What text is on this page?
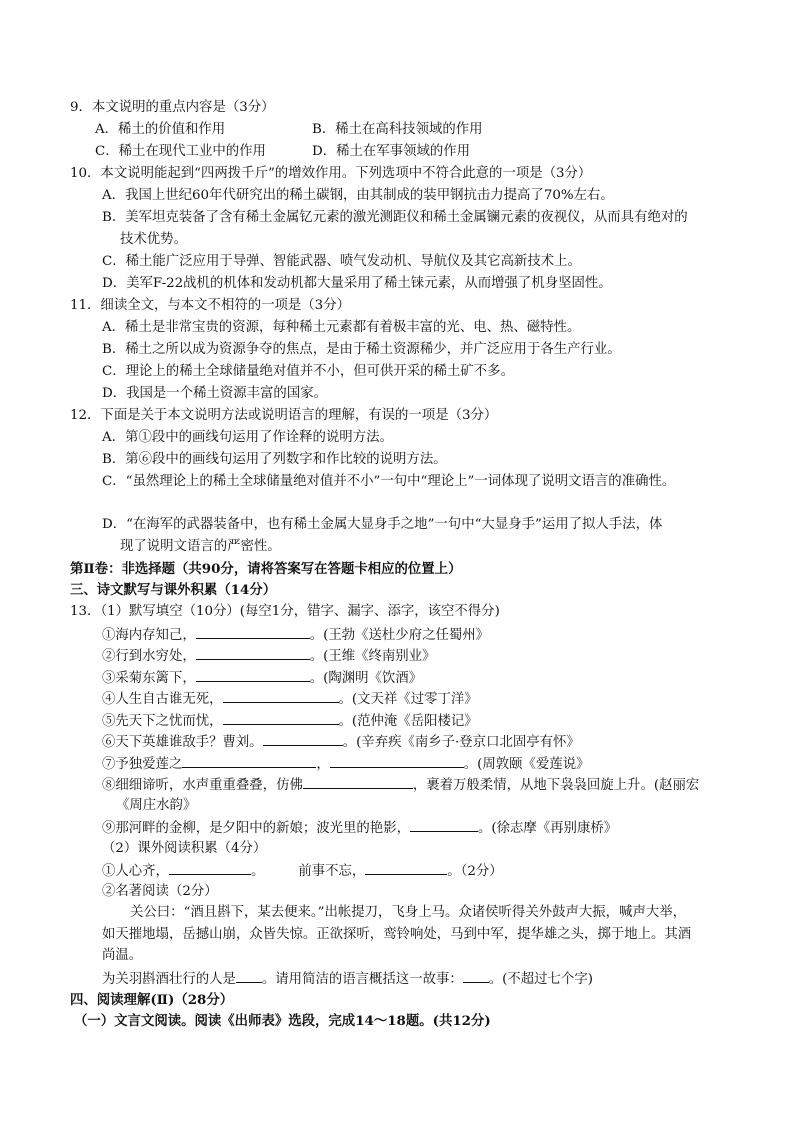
9．本文说明的重点内容是（3分）
A．稀土的价值和作用	B．稀土在高科技领域的作用
C．稀土在现代工业中的作用	D．稀土在军事领域的作用
10．本文说明能起到“四两拨千斤”的增效作用。下列选项中不符合此意的一项是（3分）
A．我国上世纪60年代研究出的稀土碳钢，由其制成的装甲钢抗击力提高了70%左右。
B．美军坦克装备了含有稀土金属钇元素的激光测距仪和稀土金属镧元素的夜视仪，从而具有绝对的
技术优势。
C．稀土能广泛应用于导弹、智能武器、喷气发动机、导航仪及其它高新技术上。
D．美军F-22战机的机体和发动机都大量采用了稀土铼元素，从而增强了机身坚固性。
11．细读全文，与本文不相符的一项是（3分）
A．稀土是非常宝贵的资源，每种稀土元素都有着极丰富的光、电、热、磁特性。
B．稀土之所以成为资源争夺的焦点，是由于稀土资源稀少，并广泛应用于各生产行业。
C．理论上的稀土全球储量绝对值并不小，但可供开采的稀土矿不多。
D．我国是一个稀土资源丰富的国家。
12．下面是关于本文说明方法或说明语言的理解，有误的一项是（3分）
A．第①段中的画线句运用了作诠释的说明方法。
B．第⑥段中的画线句运用了列数字和作比较的说明方法。
C．“虽然理论上的稀土全球储量绝对值并不小”一句中“理论上”一词体现了说明文语言的准确性。
D．“在海军的武器装备中，也有稀土金属大显身手之地”一句中“大显身手”运用了拟人手法，体
现了说明文语言的严密性。
第Ⅱ卷：非选择题（共90分，请将答案写在答题卡相应的位置上）
三、诗文默写与课外积累（14分）
13．（1）默写填空（10分）(每空1分，错字、漏字、添字，该空不得分)
①海内存知己，	。(王勃《送杜少府之任蜀州》
②行到水穷处，	。(王维《终南别业》
③采菊东篱下，	。(陶渊明《饮酒》
④人生自古谁无死，	。(文天祥《过零丁洋》
⑤先天下之忧而忧，	。(范仲淹《岳阳楼记》
⑥天下英雄谁敌手？曹刘。	。(辛弃疾《南乡子·登京口北固亭有怀》
⑦予独爱莲之	，	。(周敦颐《爱莲说》
⑧细细谛听，水声重重叠叠，仿佛	，裹着万般柔情，从地下袅袅回旋上升。(赵丽宏
《周庄水韵》
⑨那河畔的金柳，是夕阳中的新娘；波光里的艳影，	。(徐志摩《再别康桥》
（2）课外阅读积累（4分）
①人心齐，	。	前事不忘，	。（2分）
②名著阅读（2分）
关公曰：“酒且斟下，某去便来。”出帐提刀，飞身上马。众诸侯听得关外鼓声大振，喊声大举，
如天摧地塌，岳撼山崩，众皆失惊。正欲探听，鸾铃响处，马到中军，提华雄之头，掷于地上。其酒
尚温。
为关羽斟酒壮行的人是 。请用简洁的语言概括这一故事： 。(不超过七个字)
四、阅读理解(Ⅱ)（28分）
（一）文言文阅读。阅读《出师表》选段，完成14～18题。(共12分)
